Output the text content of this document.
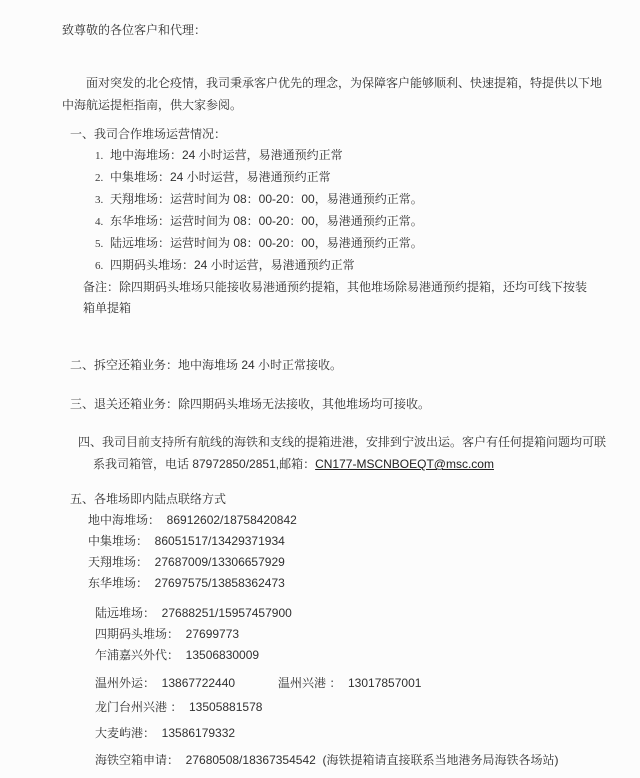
致尊敬的各位客户和代理：

面对突发的北仑疫情，我司秉承客户优先的理念，为保障客户能够顺利、快速提箱，特提供以下地中海航运提柜指南，供大家参阅。

一、我司合作堆场运营情况：

1. 地中海堆场：24 小时运营，易港通预约正常

2. 中集堆场：24 小时运营，易港通预约正常

3. 天翔堆场：运营时间为 08：00-20：00，易港通预约正常。

4. 东华堆场：运营时间为 08：00-20：00，易港通预约正常。

5. 陆远堆场：运营时间为 08：00-20：00，易港通预约正常。

6. 四期码头堆场：24 小时运营，易港通预约正常

备注：除四期码头堆场只能接收易港通预约提箱，其他堆场除易港通预约提箱，还均可线下按装箱单提箱

二、拆空还箱业务：地中海堆场 24 小时正常接收。

三、退关还箱业务：除四期码头堆场无法接收，其他堆场均可接收。

四、我司目前支持所有航线的海铁和支线的提箱进港，安排到宁波出运。客户有任何提箱问题均可联系我司箱管，电话 87972850/2851,邮箱：CN177-MSCNBOEQT@msc.com

五、各堆场即内陆点联络方式

地中海堆场：  86912602/18758420842

中集堆场：  86051517/13429371934

天翔堆场：  27687009/13306657929

东华堆场：  27697575/13858362473

陆远堆场：  27688251/15957457900

四期码头堆场：  27699773

乍浦嘉兴外代：  13506830009

温州外运：  13867722440	温州兴港 ：  13017857001

龙门台州兴港 ：  13505881578

大麦屿港：  13586179332

海铁空箱申请：  27680508/18367354542  (海铁提箱请直接联系当地港务局海铁各场站)
